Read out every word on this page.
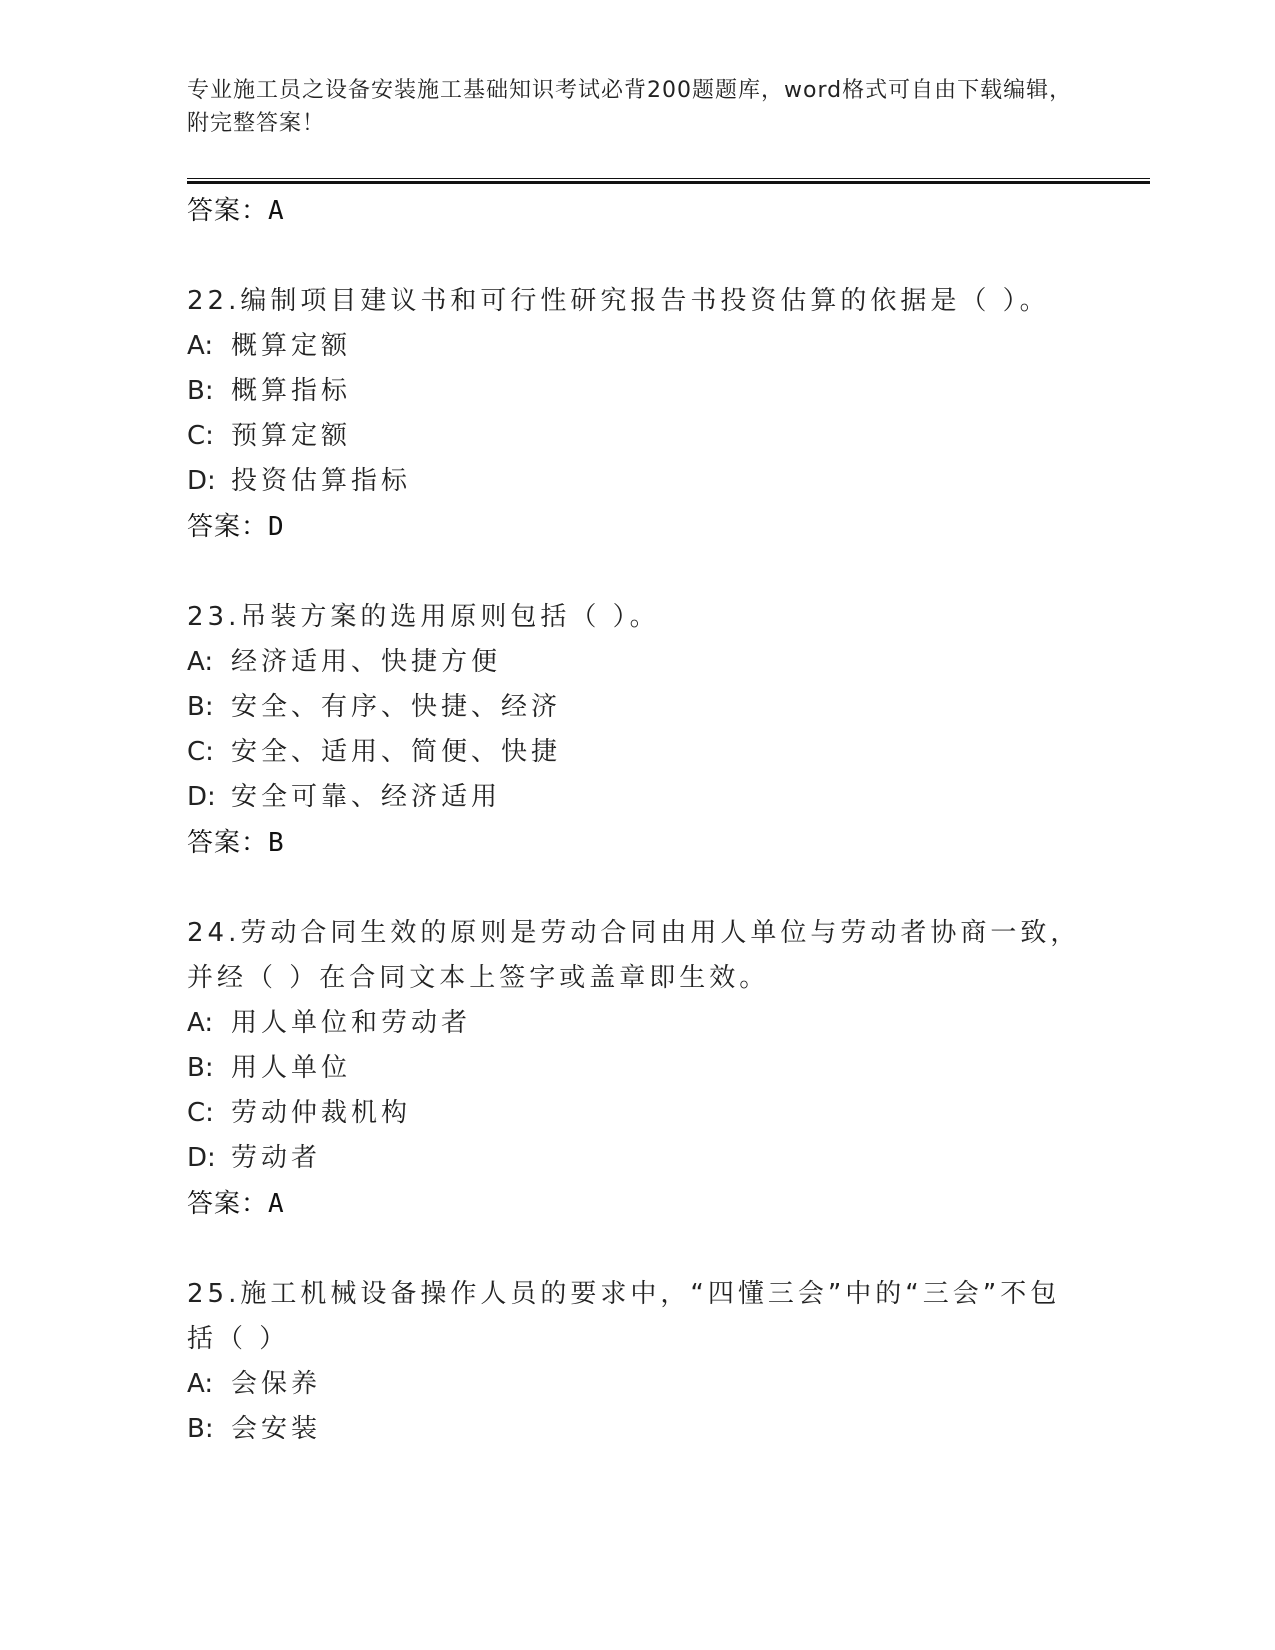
专业施工员之设备安装施工基础知识考试必背200题题库，word格式可自由下载编辑，附完整答案！
答案：A
22.编制项目建议书和可行性研究报告书投资估算的依据是（ ）。
A: 概算定额
B: 概算指标
C: 预算定额
D: 投资估算指标
答案：D
23.吊装方案的选用原则包括（ ）。
A: 经济适用、快捷方便
B: 安全、有序、快捷、经济
C: 安全、适用、简便、快捷
D: 安全可靠、经济适用
答案：B
24.劳动合同生效的原则是劳动合同由用人单位与劳动者协商一致，并经（ ）在合同文本上签字或盖章即生效。
A: 用人单位和劳动者
B: 用人单位
C: 劳动仲裁机构
D: 劳动者
答案：A
25.施工机械设备操作人员的要求中，“四懂三会”中的“三会”不包括（ ）
A: 会保养
B: 会安装
